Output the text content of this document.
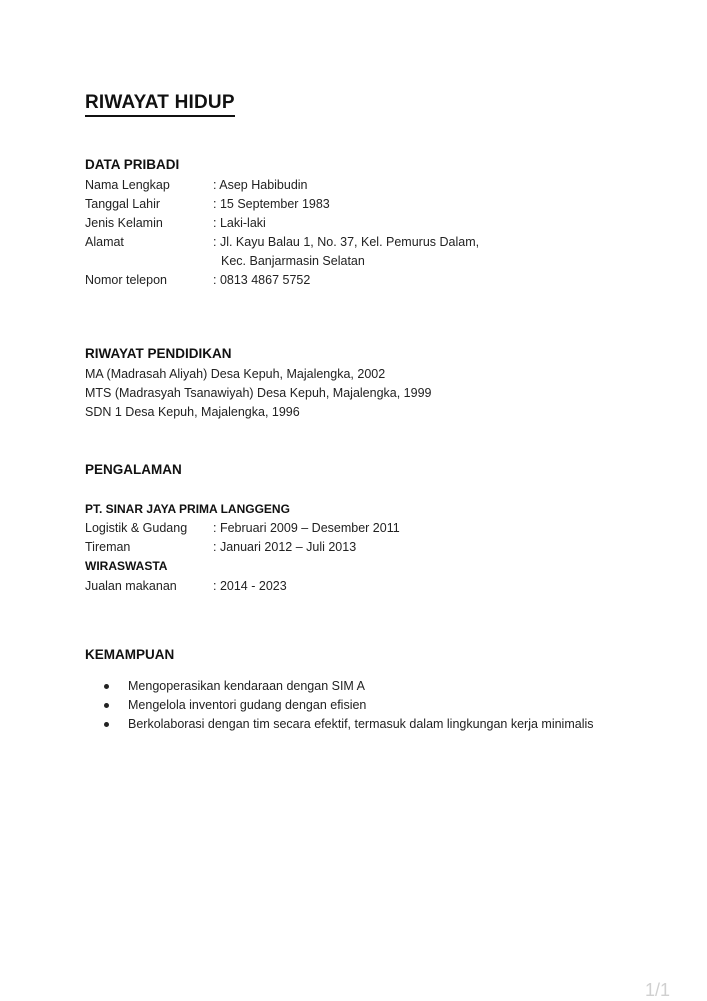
RIWAYAT HIDUP
DATA PRIBADI
Nama Lengkap	: Asep Habibudin
Tanggal Lahir	: 15 September 1983
Jenis Kelamin	: Laki-laki
Alamat	: Jl. Kayu Balau 1, No. 37, Kel. Pemurus Dalam,
Kec. Banjarmasin Selatan
Nomor telepon	: 0813 4867 5752
RIWAYAT PENDIDIKAN
MA (Madrasah Aliyah) Desa Kepuh, Majalengka, 2002
MTS (Madrasyah Tsanawiyah) Desa Kepuh, Majalengka, 1999
SDN 1 Desa Kepuh, Majalengka, 1996
PENGALAMAN
PT. SINAR JAYA PRIMA LANGGENG
Logistik & Gudang : Februari 2009 – Desember 2011
Tireman	: Januari 2012 – Juli 2013
WIRASWASTA
Jualan makanan	: 2014 - 2023
KEMAMPUAN
Mengoperasikan kendaraan dengan SIM A
Mengelola inventori gudang dengan efisien
Berkolaborasi dengan tim secara efektif, termasuk dalam lingkungan kerja minimalis
1/1
